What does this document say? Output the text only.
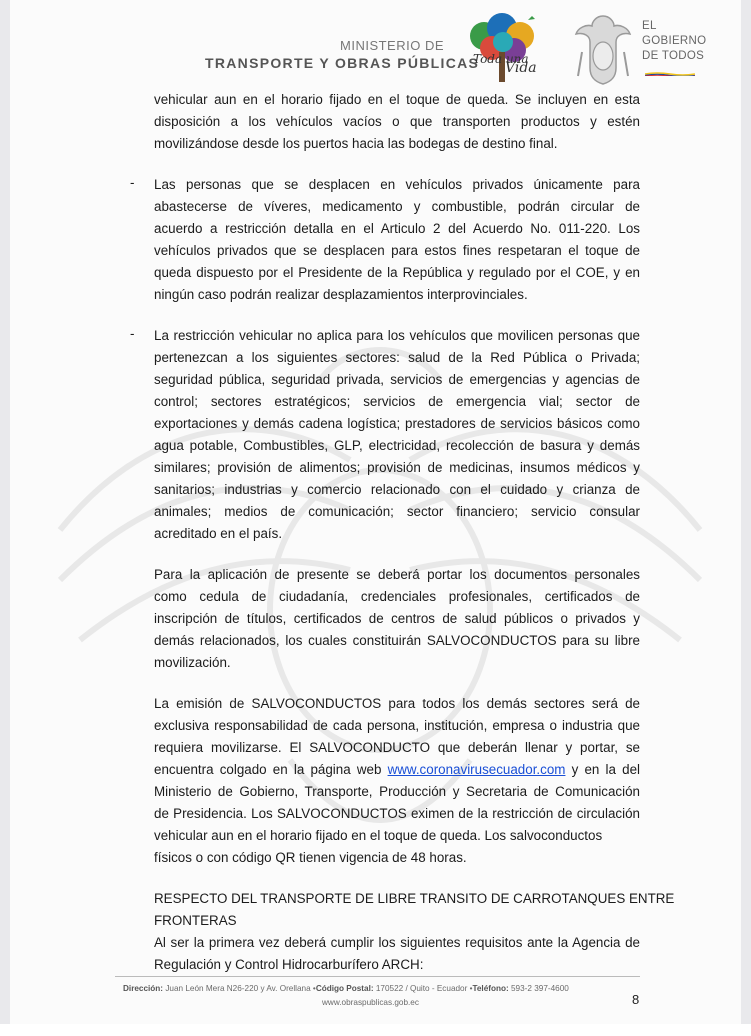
MINISTERIO DE
TRANSPORTE Y OBRAS PÚBLICAS
Toda una
Vida
EL
GOBIERNO
DE TODOS

vehicular aun en el horario fijado en el toque de queda. Se incluyen en esta

disposición a los vehículos vacíos o que transporten productos y estén

movilizándose desde los puertos hacia las bodegas de destino final.

- Las personas que se desplacen en vehículos privados únicamente para

abastecerse de víveres, medicamento y combustible, podrán circular de

acuerdo a restricción detalla en el Articulo 2 del Acuerdo No. 011-220. Los

vehículos privados que se desplacen para estos fines respetaran el toque de

queda dispuesto por el Presidente de la República y regulado por el COE, y en

ningún caso podrán realizar desplazamientos interprovinciales.

- La restricción vehicular no aplica para los vehículos que movilicen personas que

pertenezcan a los siguientes sectores: salud de la Red Pública o Privada;

seguridad pública, seguridad privada, servicios de emergencias y agencias de

control; sectores estratégicos; servicios de emergencia vial; sector de

exportaciones y demás cadena logística; prestadores de servicios básicos como

agua potable, Combustibles, GLP, electricidad, recolección de basura y demás

similares; provisión de alimentos; provisión de medicinas, insumos médicos y

sanitarios; industrias y comercio relacionado con el cuidado y crianza de

animales; medios de comunicación; sector financiero; servicio consular

acreditado en el país.

Para la aplicación de presente se deberá portar los documentos personales

como cedula de ciudadanía, credenciales profesionales, certificados de

inscripción de títulos, certificados de centros de salud públicos o privados y

demás relacionados, los cuales constituirán SALVOCONDUCTOS para su libre

movilización.

La emisión de SALVOCONDUCTOS para todos los demás sectores será de

exclusiva responsabilidad de cada persona, institución, empresa o industria que

requiera movilizarse. El SALVOCONDUCTO que deberán llenar y portar, se

encuentra colgado en la página web www.coronavirusecuador.com y en la del

Ministerio de Gobierno, Transporte, Producción y Secretaria de Comunicación

de Presidencia. Los SALVOCONDUCTOS eximen de la restricción de circulación

vehicular aun en el horario fijado en el toque de queda. Los salvoconductos

físicos o con código QR tienen vigencia de 48 horas.

RESPECTO DEL TRANSPORTE DE LIBRE TRANSITO DE CARROTANQUES ENTRE

FRONTERAS

Al ser la primera vez deberá cumplir los siguientes requisitos ante la Agencia de

Regulación y Control Hidrocarburífero ARCH:

Dirección: Juan León Mera N26-220 y Av. Orellana •Código Postal: 170522 / Quito - Ecuador •Teléfono: 593-2 397-4600
www.obraspublicas.gob.ec	8
